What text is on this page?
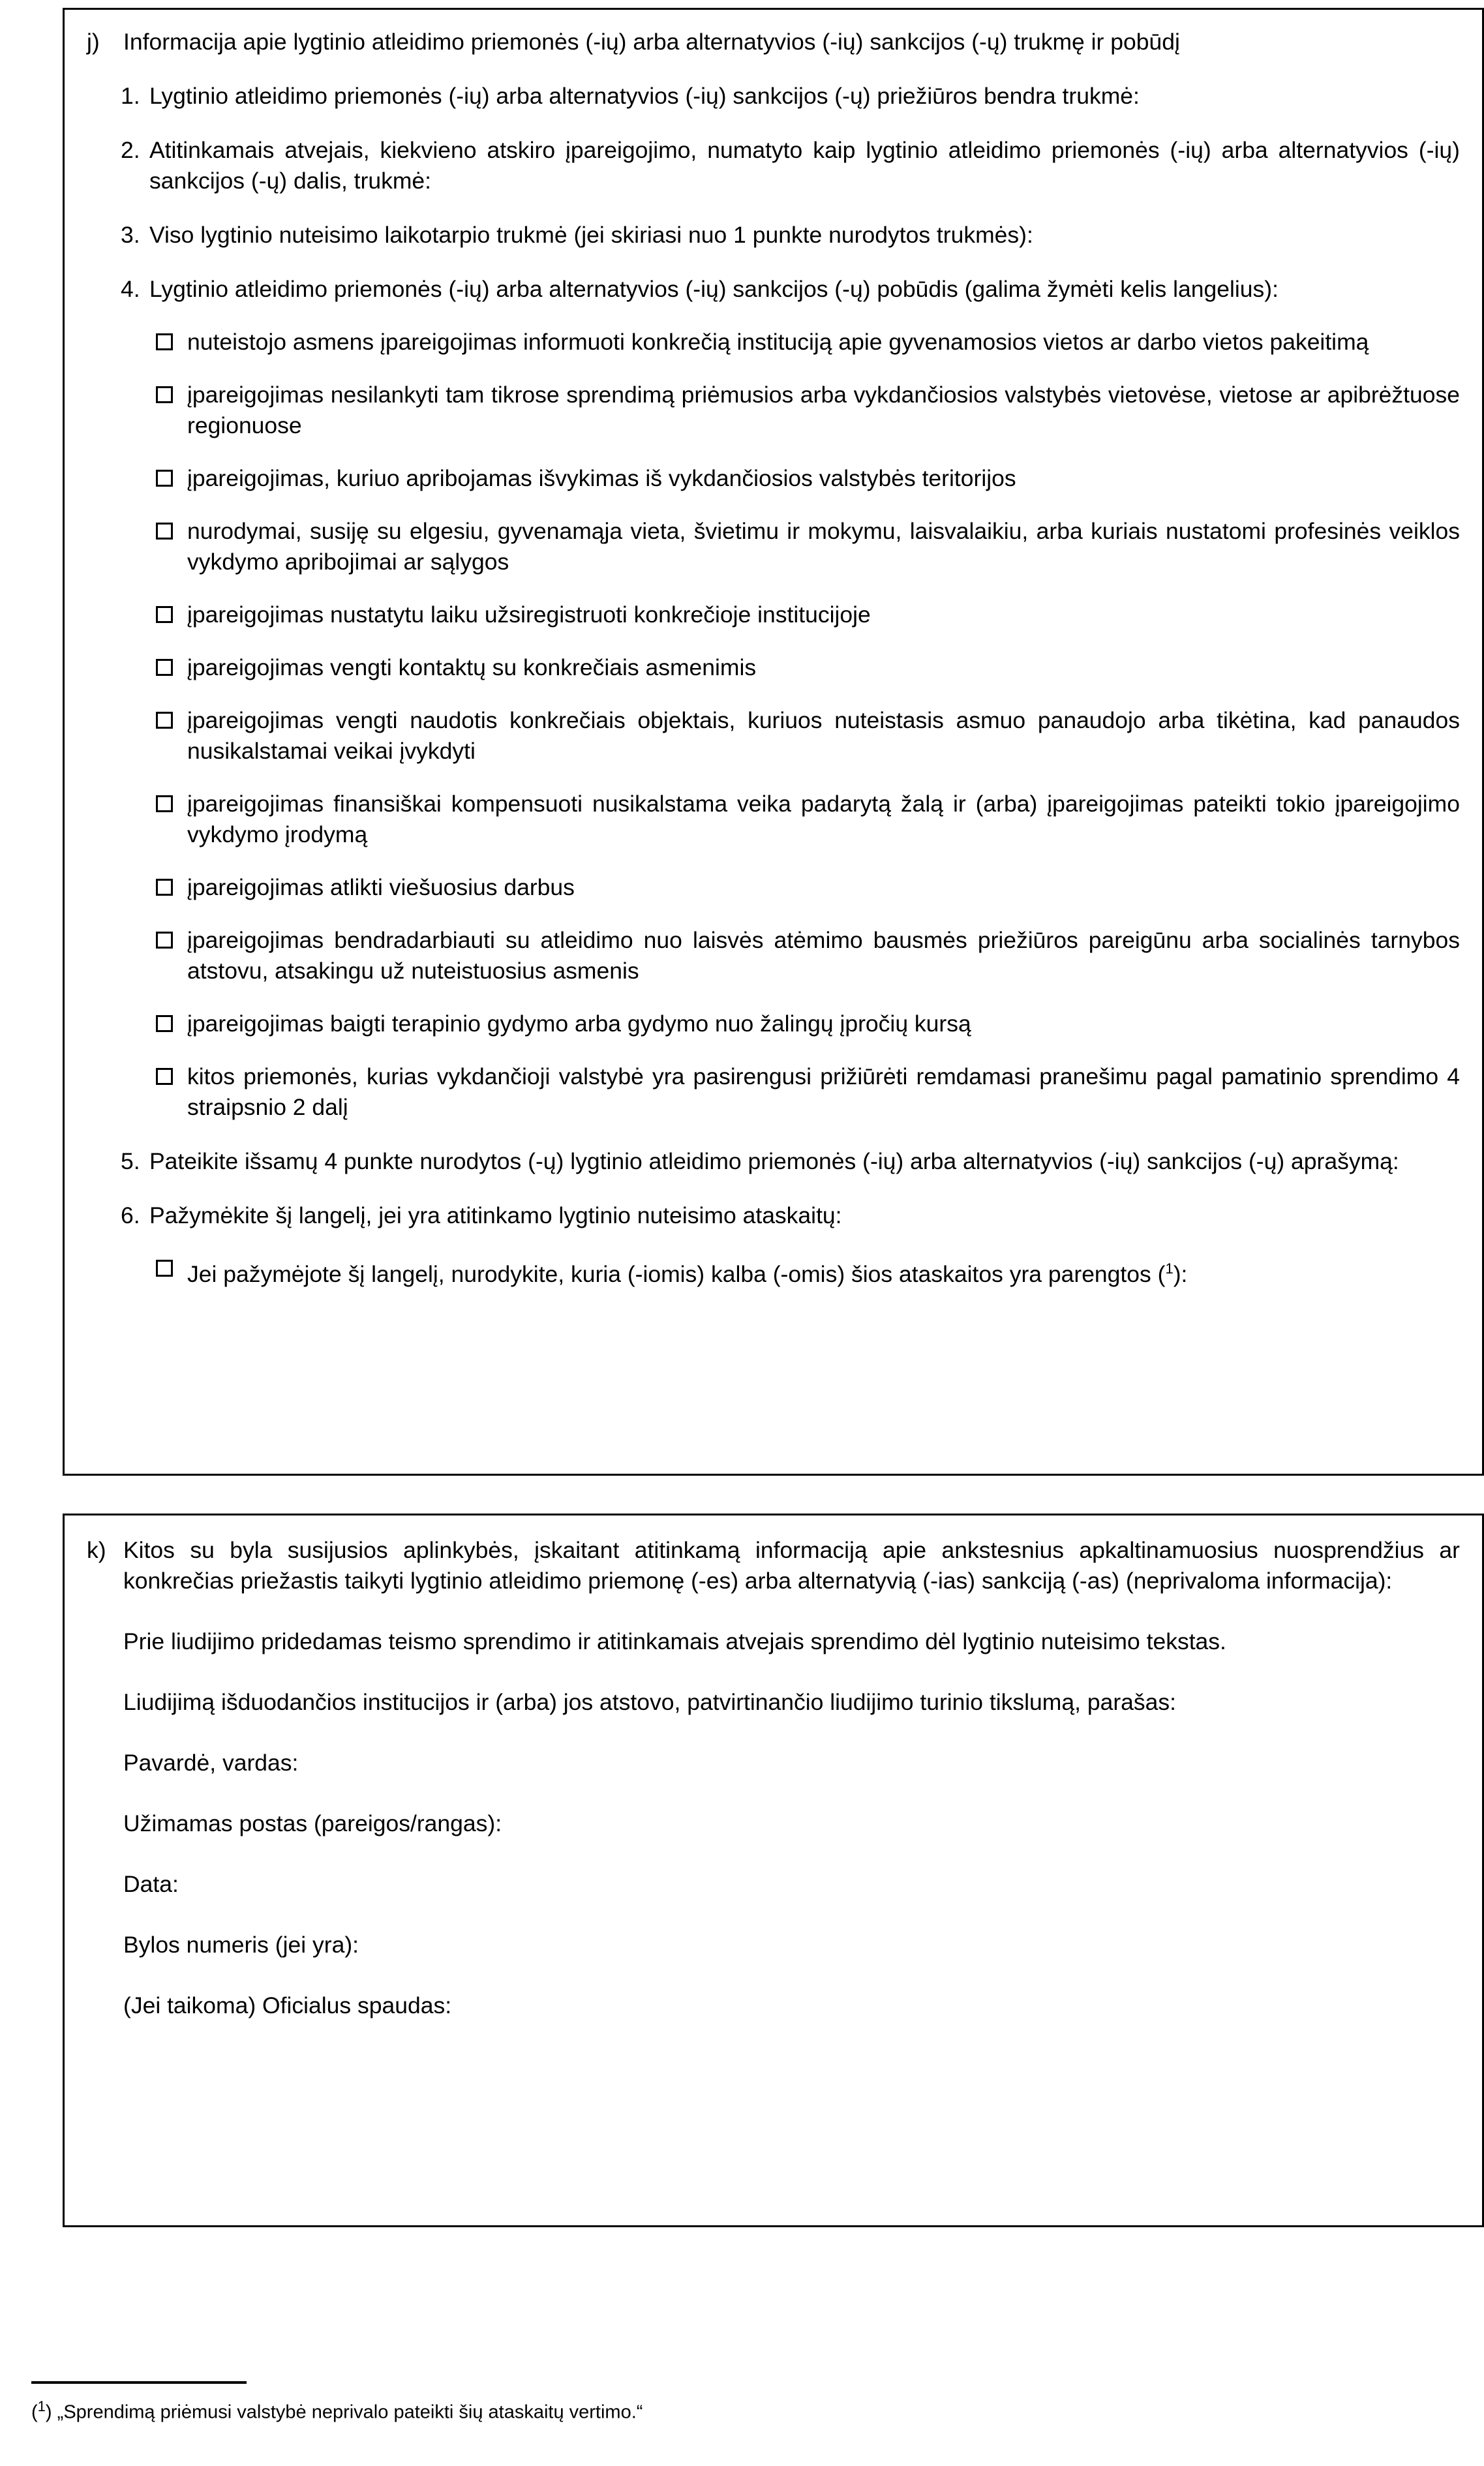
j)	Informacija apie lygtinio atleidimo priemonės (-ių) arba alternatyvios (-ių) sankcijos (-ų) trukmę ir pobūdį
1. Lygtinio atleidimo priemonės (-ių) arba alternatyvios (-ių) sankcijos (-ų) priežiūros bendra trukmė:
2. Atitinkamais atvejais, kiekvieno atskiro įpareigojimo, numatyto kaip lygtinio atleidimo priemonės (-ių) arba alternatyvios (-ių) sankcijos (-ų) dalis, trukmė:
3. Viso lygtinio nuteisimo laikotarpio trukmė (jei skiriasi nuo 1 punkte nurodytos trukmės):
4. Lygtinio atleidimo priemonės (-ių) arba alternatyvios (-ių) sankcijos (-ų) pobūdis (galima žymėti kelis langelius):
nuteistojo asmens įpareigojimas informuoti konkrečią instituciją apie gyvenamosios vietos ar darbo vietos pakeitimą
įpareigojimas nesilankyti tam tikrose sprendimą priėmusios arba vykdančiosios valstybės vietovėse, vietose ar apibrėžtuose regionuose
įpareigojimas, kuriuo apribojamas išvykimas iš vykdančiosios valstybės teritorijos
nurodymai, susiję su elgesiu, gyvenamąja vieta, švietimu ir mokymu, laisvalaikiu, arba kuriais nustatomi profesinės veiklos vykdymo apribojimai ar sąlygos
įpareigojimas nustatytu laiku užsiregistruoti konkrečioje institucijoje
įpareigojimas vengti kontaktų su konkrečiais asmenimis
įpareigojimas vengti naudotis konkrečiais objektais, kuriuos nuteistasis asmuo panaudojo arba tikėtina, kad panaudos nusikalstamai veikai įvykdyti
įpareigojimas finansiškai kompensuoti nusikalstama veika padarytą žalą ir (arba) įpareigojimas pateikti tokio įpareigojimo vykdymo įrodymą
įpareigojimas atlikti viešuosius darbus
įpareigojimas bendradarbiauti su atleidimo nuo laisvės atėmimo bausmės priežiūros pareigūnu arba socialinės tarnybos atstovu, atsakingu už nuteistuosius asmenis
įpareigojimas baigti terapinio gydymo arba gydymo nuo žalingų įpročių kursą
kitos priemonės, kurias vykdančioji valstybė yra pasirengusi prižiūrėti remdamasi pranešimu pagal pamatinio sprendimo 4 straipsnio 2 dalį
5. Pateikite išsamų 4 punkte nurodytos (-ų) lygtinio atleidimo priemonės (-ių) arba alternatyvios (-ių) sankcijos (-ų) aprašymą:
6. Pažymėkite šį langelį, jei yra atitinkamo lygtinio nuteisimo ataskaitų:
Jei pažymėjote šį langelį, nurodykite, kuria (-iomis) kalba (-omis) šios ataskaitos yra parengtos ($^1$):
k) Kitos su byla susijusios aplinkybės, įskaitant atitinkamą informaciją apie ankstesnius apkaltinamuosius nuosprendžius ar konkrečias priežastis taikyti lygtinio atleidimo priemonę (-es) arba alternatyvią (-ias) sankciją (-as) (neprivaloma informacija):
Prie liudijimo pridedamas teismo sprendimo ir atitinkamais atvejais sprendimo dėl lygtinio nuteisimo tekstas.
Liudijimą išduodančios institucijos ir (arba) jos atstovo, patvirtinančio liudijimo turinio tikslumą, parašas:
Pavardė, vardas:
Užimamas postas (pareigos/rangas):
Data:
Bylos numeris (jei yra):
(Jei taikoma) Oficialus spaudas:
($^1$) „Sprendimą priėmusi valstybė neprivalo pateikti šių ataskaitų vertimo.“
